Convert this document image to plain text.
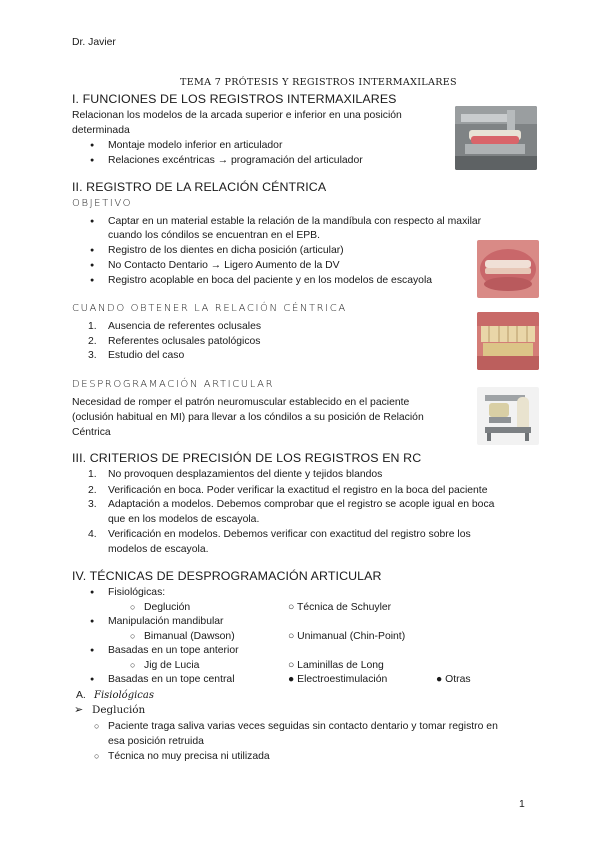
Dr. Javier
TEMA 7 PRÓTESIS Y REGISTROS INTERMAXILARES
I. FUNCIONES DE LOS REGISTROS INTERMAXILARES
Relacionan los modelos de la arcada superior e inferior en una posición
determinada
● Montaje modelo inferior en articulador
● Relaciones excéntricas → programación del articulador
II. REGISTRO DE LA RELACIÓN CÉNTRICA
OBJETIVO
● Captar en un material estable la relación de la mandíbula con respecto al maxilar
cuando los cóndilos se encuentran en el EPB.
● Registro de los dientes en dicha posición (articular)
● No Contacto Dentario → Ligero Aumento de la DV
● Registro acoplable en boca del paciente y en los modelos de escayola
CUANDO OBTENER LA RELACIÓN CÉNTRICA
1. Ausencia de referentes oclusales
2. Referentes oclusales patológicos
3. Estudio del caso
DESPROGRAMACIÓN ARTICULAR
Necesidad de romper el patrón neuromuscular establecido en el paciente
(oclusión habitual en MI) para llevar a los cóndilos a su posición de Relación
Céntrica
III. CRITERIOS DE PRECISIÓN DE LOS REGISTROS EN RC
1. No provoquen desplazamientos del diente y tejidos blandos
2. Verificación en boca. Poder verificar la exactitud el registro en la boca del paciente
3. Adaptación a modelos. Debemos comprobar que el registro se acople igual en boca
que en los modelos de escayola.
4. Verificación en modelos. Debemos verificar con exactitud del registro sobre los
modelos de escayola.
IV. TÉCNICAS DE DESPROGRAMACIÓN ARTICULAR
● Fisiológicas:
○ Deglución	○ Técnica de Schuyler
● Manipulación mandibular
○ Bimanual (Dawson)	○ Unimanual (Chin-Point)
● Basadas en un tope anterior
○ Jig de Lucia	○ Laminillas de Long
● Basadas en un tope central	● Electroestimulación	● Otras
A. Fisiológicas
➢ Deglución
○ Paciente traga saliva varias veces seguidas sin contacto dentario y tomar registro en
esa posición retruida
○ Técnica no muy precisa ni utilizada
1
